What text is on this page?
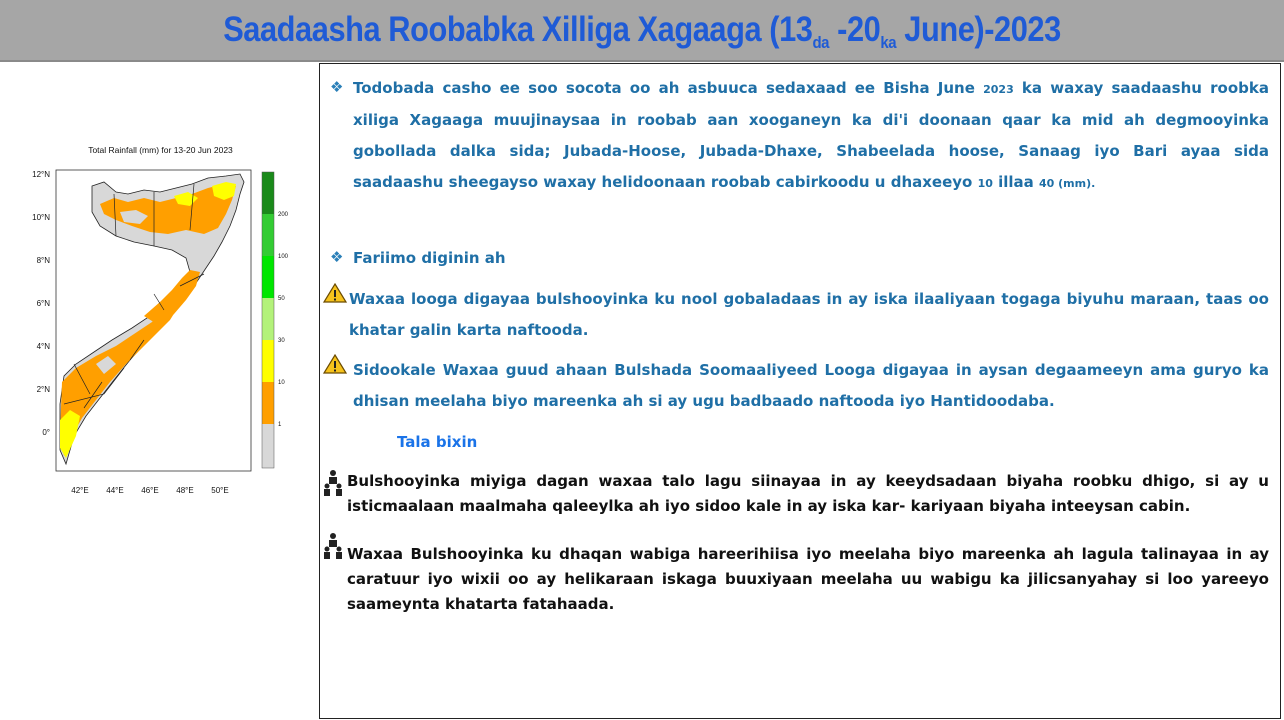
Saadaasha Roobabka Xilliga Xagaaga ($13_{da}$ $-20_{ka}$ June)-2023
Total Rainfall (mm) for 13-20 Jun 2023
12°N
10°N
8°N
6°N
4°N
2°N
0°
42°E 44°E 46°E 48°E 50°E
200
100
50
30
10
1
❖ Todobada casho ee soo socota oo ah asbuuca sedaxaad ee Bisha June 2023 ka waxay saadaashu roobka xiliga Xagaaga muujinaysaa in roobab aan xooganeyn ka di'i doonaan qaar ka mid ah degmooyinka gobollada dalka sida; Jubada-Hoose, Jubada-Dhaxe, Shabeelada hoose, Sanaag iyo Bari ayaa sida saadaashu sheegayso waxay helidoonaan roobab cabirkoodu u dhaxeeyo 10 illaa 40 (mm).
❖ Fariimo diginin ah
Waxaa looga digayaa bulshooyinka ku nool gobaladaas in ay iska ilaaliyaan togaga biyuhu maraan, taas oo khatar galin karta naftooda.
Sidookale Waxaa guud ahaan Bulshada Soomaaliyeed Looga digayaa in aysan degaameeyn ama guryo ka dhisan meelaha biyo mareenka ah si ay ugu badbaado naftooda iyo Hantidoodaba.
Tala bixin
Bulshooyinka miyiga dagan waxaa talo lagu siinayaa in ay keeydsadaan biyaha roobku dhigo, si ay u isticmaalaan maalmaha qaleeylka ah iyo sidoo kale in ay iska kar- kariyaan biyaha inteeysan cabin.
Waxaa Bulshooyinka ku dhaqan wabiga hareerihiisa iyo meelaha biyo mareenka ah lagula talinayaa in ay caratuur iyo wixii oo ay helikaraan iskaga buuxiyaan meelaha uu wabigu ka jilicsanyahay si loo yareeyo saameynta khatarta fatahaada.
